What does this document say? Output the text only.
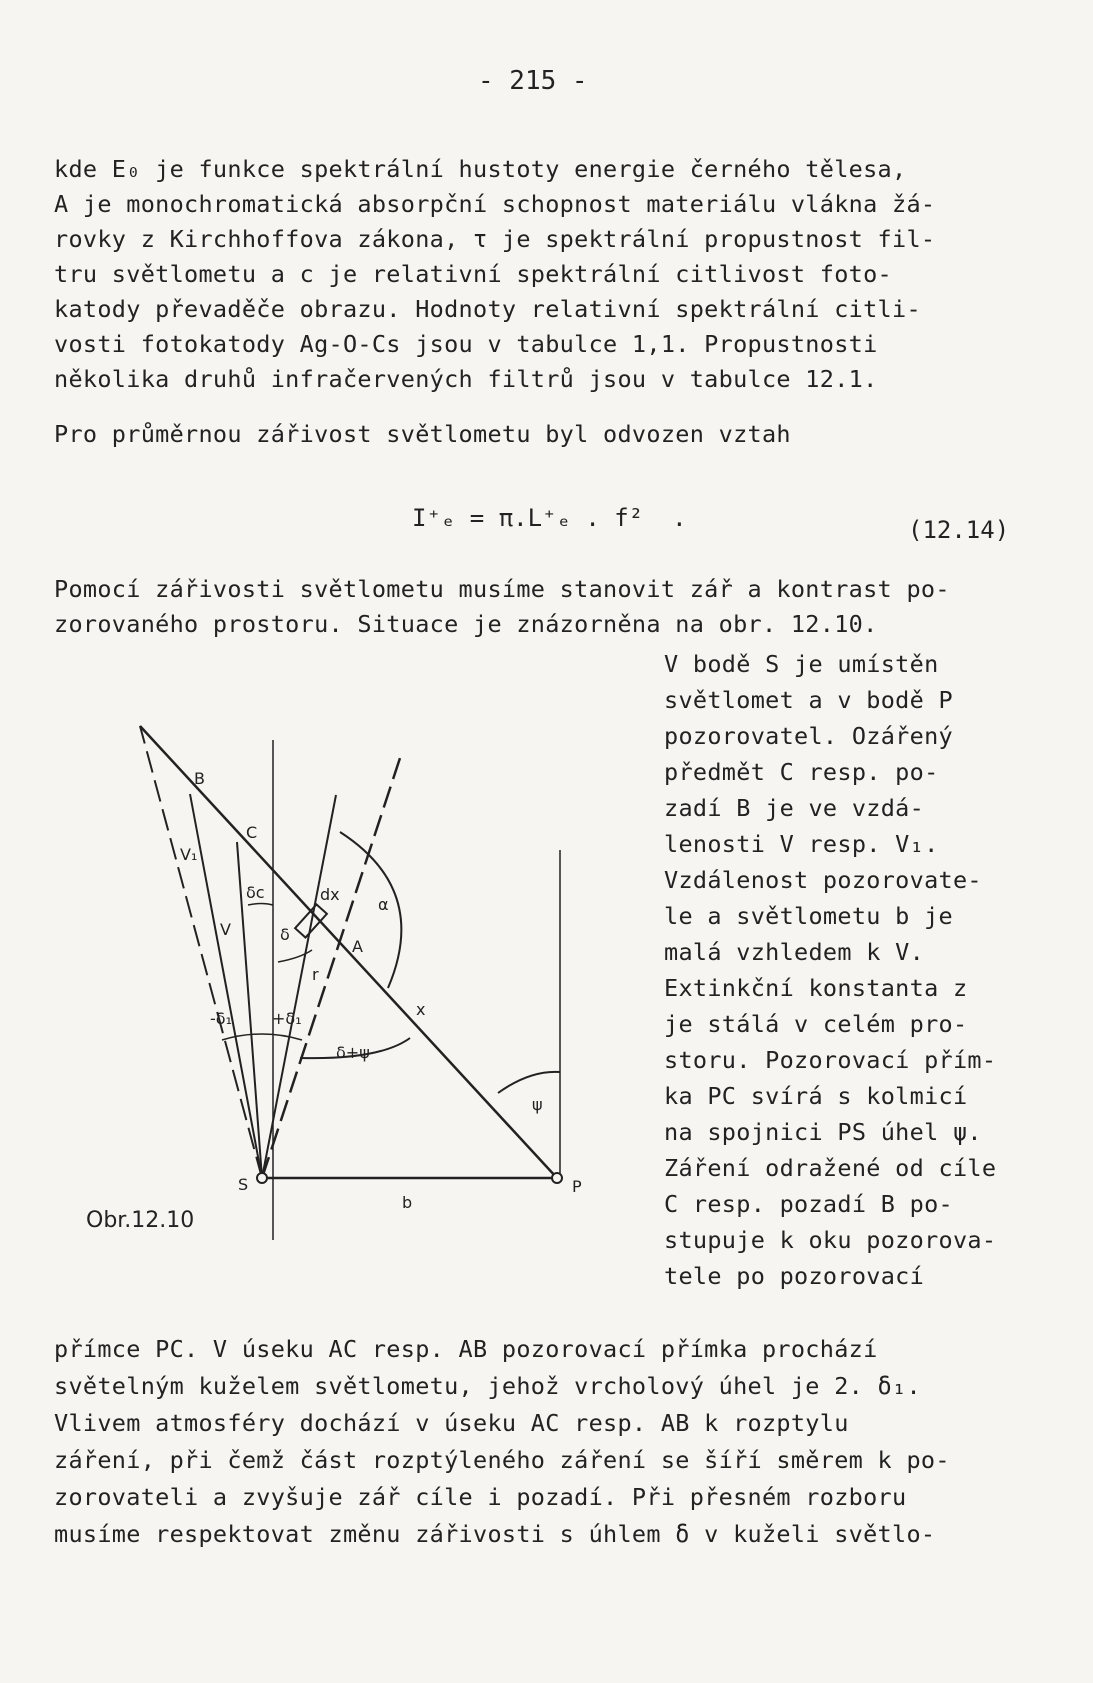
- 215 -
kde E₀ je funkce spektrální hustoty energie černého tělesa,
A je monochromatická absorpční schopnost materiálu vlákna žá-
rovky z Kirchhoffova zákona, τ je spektrální propustnost fil-
tru světlometu a c je relativní spektrální citlivost foto-
katody převaděče obrazu. Hodnoty relativní spektrální citli-
vosti fotokatody Ag-O-Cs jsou v tabulce 1,1. Propustnosti
několika druhů infračervených filtrů jsou v tabulce 12.1.
Pro průměrnou zářivost světlometu byl odvozen vztah
I⁺ₑ = π.L⁺ₑ . f²  .	(12.14)
Pomocí zářivosti světlometu musíme stanovit zář a kontrast po-
zorovaného prostoru. Situace je znázorněna na obr. 12.10.
V bodě S je umístěn
světlomet a v bodě P
pozorovatel. Ozářený
předmět C resp. po-
zadí B je ve vzdá-
lenosti V resp. V₁.
Vzdálenost pozorovate-
le a světlometu b je
malá vzhledem k V.
Extinkční konstanta z
je stálá v celém pro-
storu. Pozorovací přím-
ka PC svírá s kolmicí
na spojnici PS úhel ψ.
Záření odražené od cíle
C resp. pozadí B po-
stupuje k oku pozorova-
tele po pozorovací
přímce PC. V úseku AC resp. AB pozorovací přímka prochází
světelným kuželem světlometu, jehož vrcholový úhel je 2. δ₁.
Vlivem atmosféry dochází v úseku AC resp. AB k rozptylu
záření, při čemž část rozptýleného záření se šíří směrem k po-
zorovateli a zvyšuje zář cíle i pozadí. Při přesném rozboru
musíme respektovat změnu zářivosti s úhlem δ v kuželi světlo-
B
C
V₁
V
δc	dx
α
δ
A
r
x
-δ₁	+δ₁
δ+ψ
ψ
S
b
P
Obr.12.10
